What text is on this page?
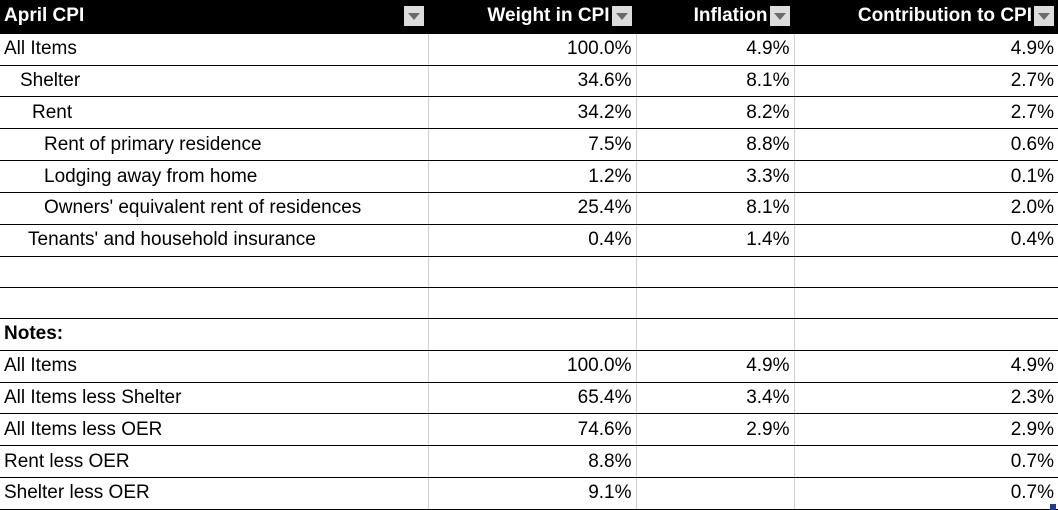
April CPI	Weight in CPI	Inflation	Contribution to CPI

All Items	100.0%	4.9%	4.9%
Shelter	34.6%	8.1%	2.7%
Rent	34.2%	8.2%	2.7%
Rent of primary residence	7.5%	8.8%	0.6%
Lodging away from home	1.2%	3.3%	0.1%
Owners' equivalent rent of residences	25.4%	8.1%	2.0%
Tenants' and household insurance	0.4%	1.4%	0.4%

Notes:			
All Items	100.0%	4.9%	4.9%
All Items less Shelter	65.4%	3.4%	2.3%
All Items less OER	74.6%	2.9%	2.9%
Rent less OER	8.8%		0.7%
Shelter less OER	9.1%		0.7%
